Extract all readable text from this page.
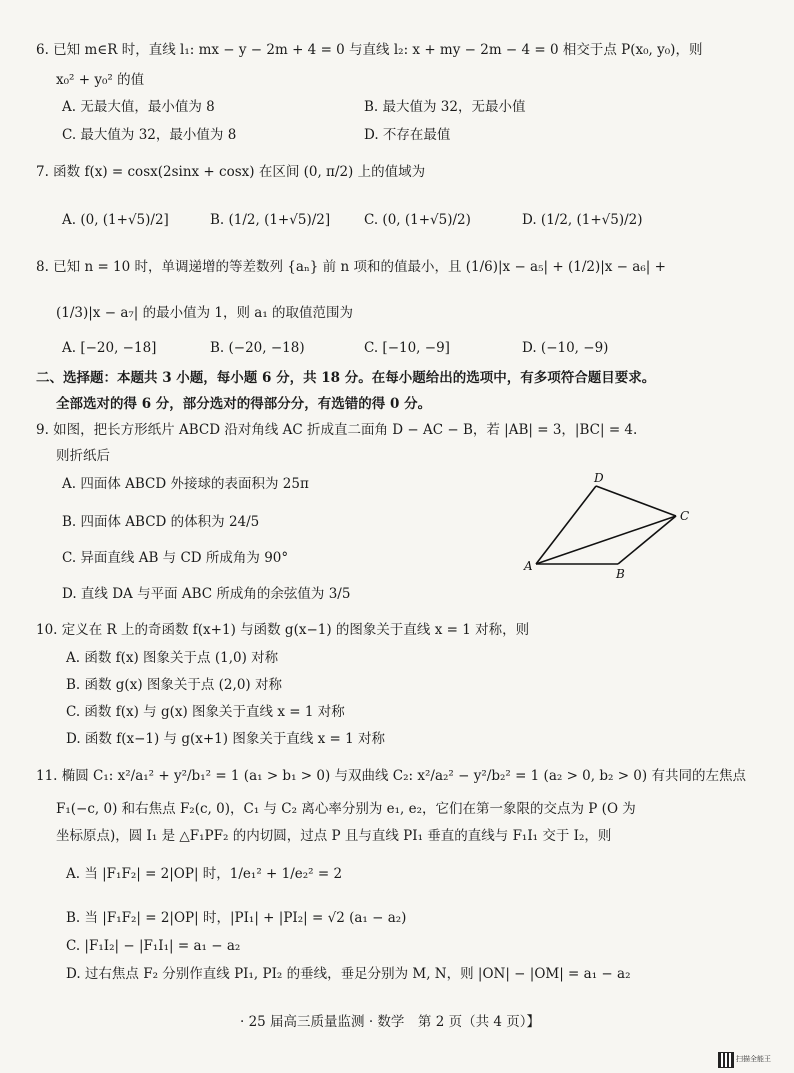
6. 已知 m∈R 时，直线 l₁: mx − y − 2m + 4 = 0 与直线 l₂: x + my − 2m − 4 = 0 相交于点 P(x₀, y₀)，则
x₀² + y₀² 的值
A. 无最大值，最小值为 8	B. 最大值为 32，无最小值
C. 最大值为 32，最小值为 8	D. 不存在最值
7. 函数 f(x) = cosx(2sinx + cosx) 在区间 (0, π/2) 上的值域为
A. (0, (1+√5)/2]	B. (1/2, (1+√5)/2]	C. (0, (1+√5)/2)	D. (1/2, (1+√5)/2)
8. 已知 n = 10 时，单调递增的等差数列 {aₙ} 前 n 项和的值最小，且 (1/6)|x − a₅| + (1/2)|x − a₆| +
(1/3)|x − a₇| 的最小值为 1，则 a₁ 的取值范围为
A. [−20, −18]	B. (−20, −18)	C. [−10, −9]	D. (−10, −9)
二、选择题：本题共 3 小题，每小题 6 分，共 18 分。在每小题给出的选项中，有多项符合题目要求。
全部选对的得 6 分，部分选对的得部分分，有选错的得 0 分。
9. 如图，把长方形纸片 ABCD 沿对角线 AC 折成直二面角 D − AC − B，若 |AB| = 3，|BC| = 4.
则折纸后
A. 四面体 ABCD 外接球的表面积为 25π
B. 四面体 ABCD 的体积为 24/5
C. 异面直线 AB 与 CD 所成角为 90°
D. 直线 DA 与平面 ABC 所成角的余弦值为 3/5
A
B
C
D
10. 定义在 R 上的奇函数 f(x+1) 与函数 g(x−1) 的图象关于直线 x = 1 对称，则
A. 函数 f(x) 图象关于点 (1,0) 对称
B. 函数 g(x) 图象关于点 (2,0) 对称
C. 函数 f(x) 与 g(x) 图象关于直线 x = 1 对称
D. 函数 f(x−1) 与 g(x+1) 图象关于直线 x = 1 对称
11. 椭圆 C₁: x²/a₁² + y²/b₁² = 1 (a₁ > b₁ > 0) 与双曲线 C₂: x²/a₂² − y²/b₂² = 1 (a₂ > 0, b₂ > 0) 有共同的左焦点
F₁(−c, 0) 和右焦点 F₂(c, 0)，C₁ 与 C₂ 离心率分别为 e₁, e₂，它们在第一象限的交点为 P (O 为
坐标原点)，圆 I₁ 是 △F₁PF₂ 的内切圆，过点 P 且与直线 PI₁ 垂直的直线与 F₁I₁ 交于 I₂，则
A. 当 |F₁F₂| = 2|OP| 时，1/e₁² + 1/e₂² = 2
B. 当 |F₁F₂| = 2|OP| 时，|PI₁| + |PI₂| = √2 (a₁ − a₂)
C. |F₁I₂| − |F₁I₁| = a₁ − a₂
D. 过右焦点 F₂ 分别作直线 PI₁, PI₂ 的垂线，垂足分别为 M, N，则 |ON| − |OM| = a₁ − a₂
· 25 届高三质量监测 · 数学　第 2 页（共 4 页）】
扫描全能王
